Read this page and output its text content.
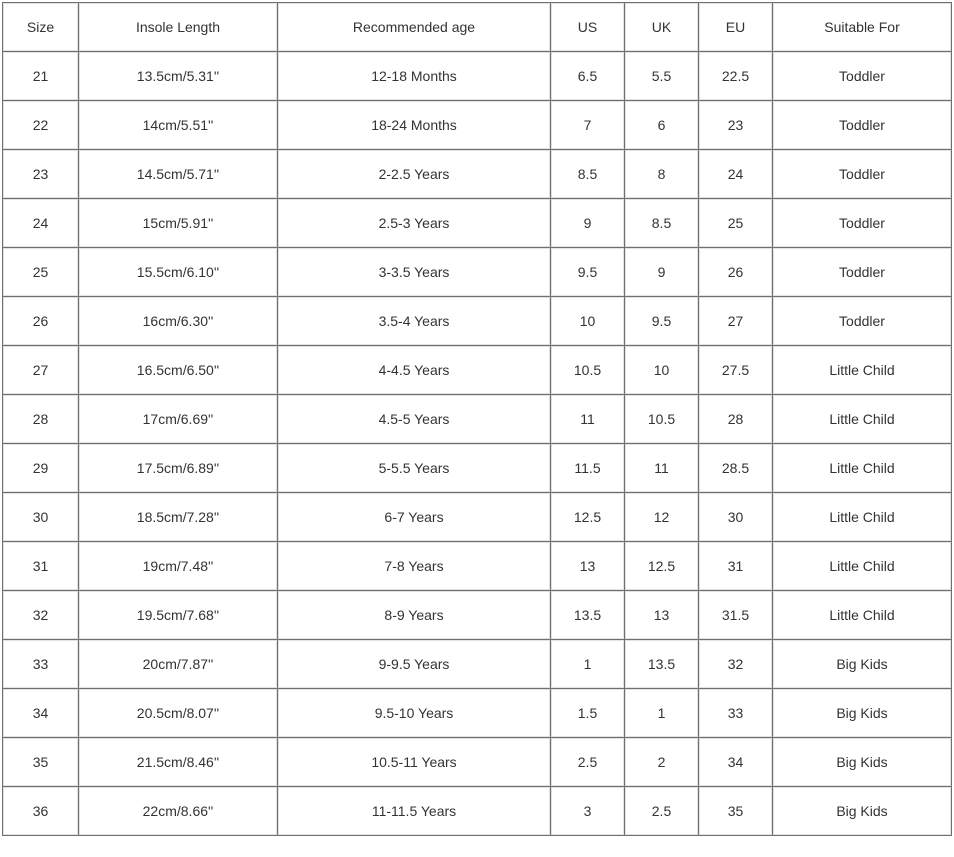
Size	Insole Length	Recommended age	US	UK	EU	Suitable For
21	13.5cm/5.31''	12-18 Months	6.5	5.5	22.5	Toddler
22	14cm/5.51''	18-24 Months	7	6	23	Toddler
23	14.5cm/5.71''	2-2.5 Years	8.5	8	24	Toddler
24	15cm/5.91''	2.5-3 Years	9	8.5	25	Toddler
25	15.5cm/6.10''	3-3.5 Years	9.5	9	26	Toddler
26	16cm/6.30''	3.5-4 Years	10	9.5	27	Toddler
27	16.5cm/6.50''	4-4.5 Years	10.5	10	27.5	Little Child
28	17cm/6.69''	4.5-5 Years	11	10.5	28	Little Child
29	17.5cm/6.89''	5-5.5 Years	11.5	11	28.5	Little Child
30	18.5cm/7.28''	6-7 Years	12.5	12	30	Little Child
31	19cm/7.48''	7-8 Years	13	12.5	31	Little Child
32	19.5cm/7.68''	8-9 Years	13.5	13	31.5	Little Child
33	20cm/7.87''	9-9.5 Years	1	13.5	32	Big Kids
34	20.5cm/8.07''	9.5-10 Years	1.5	1	33	Big Kids
35	21.5cm/8.46''	10.5-11 Years	2.5	2	34	Big Kids
36	22cm/8.66''	11-11.5 Years	3	2.5	35	Big Kids
